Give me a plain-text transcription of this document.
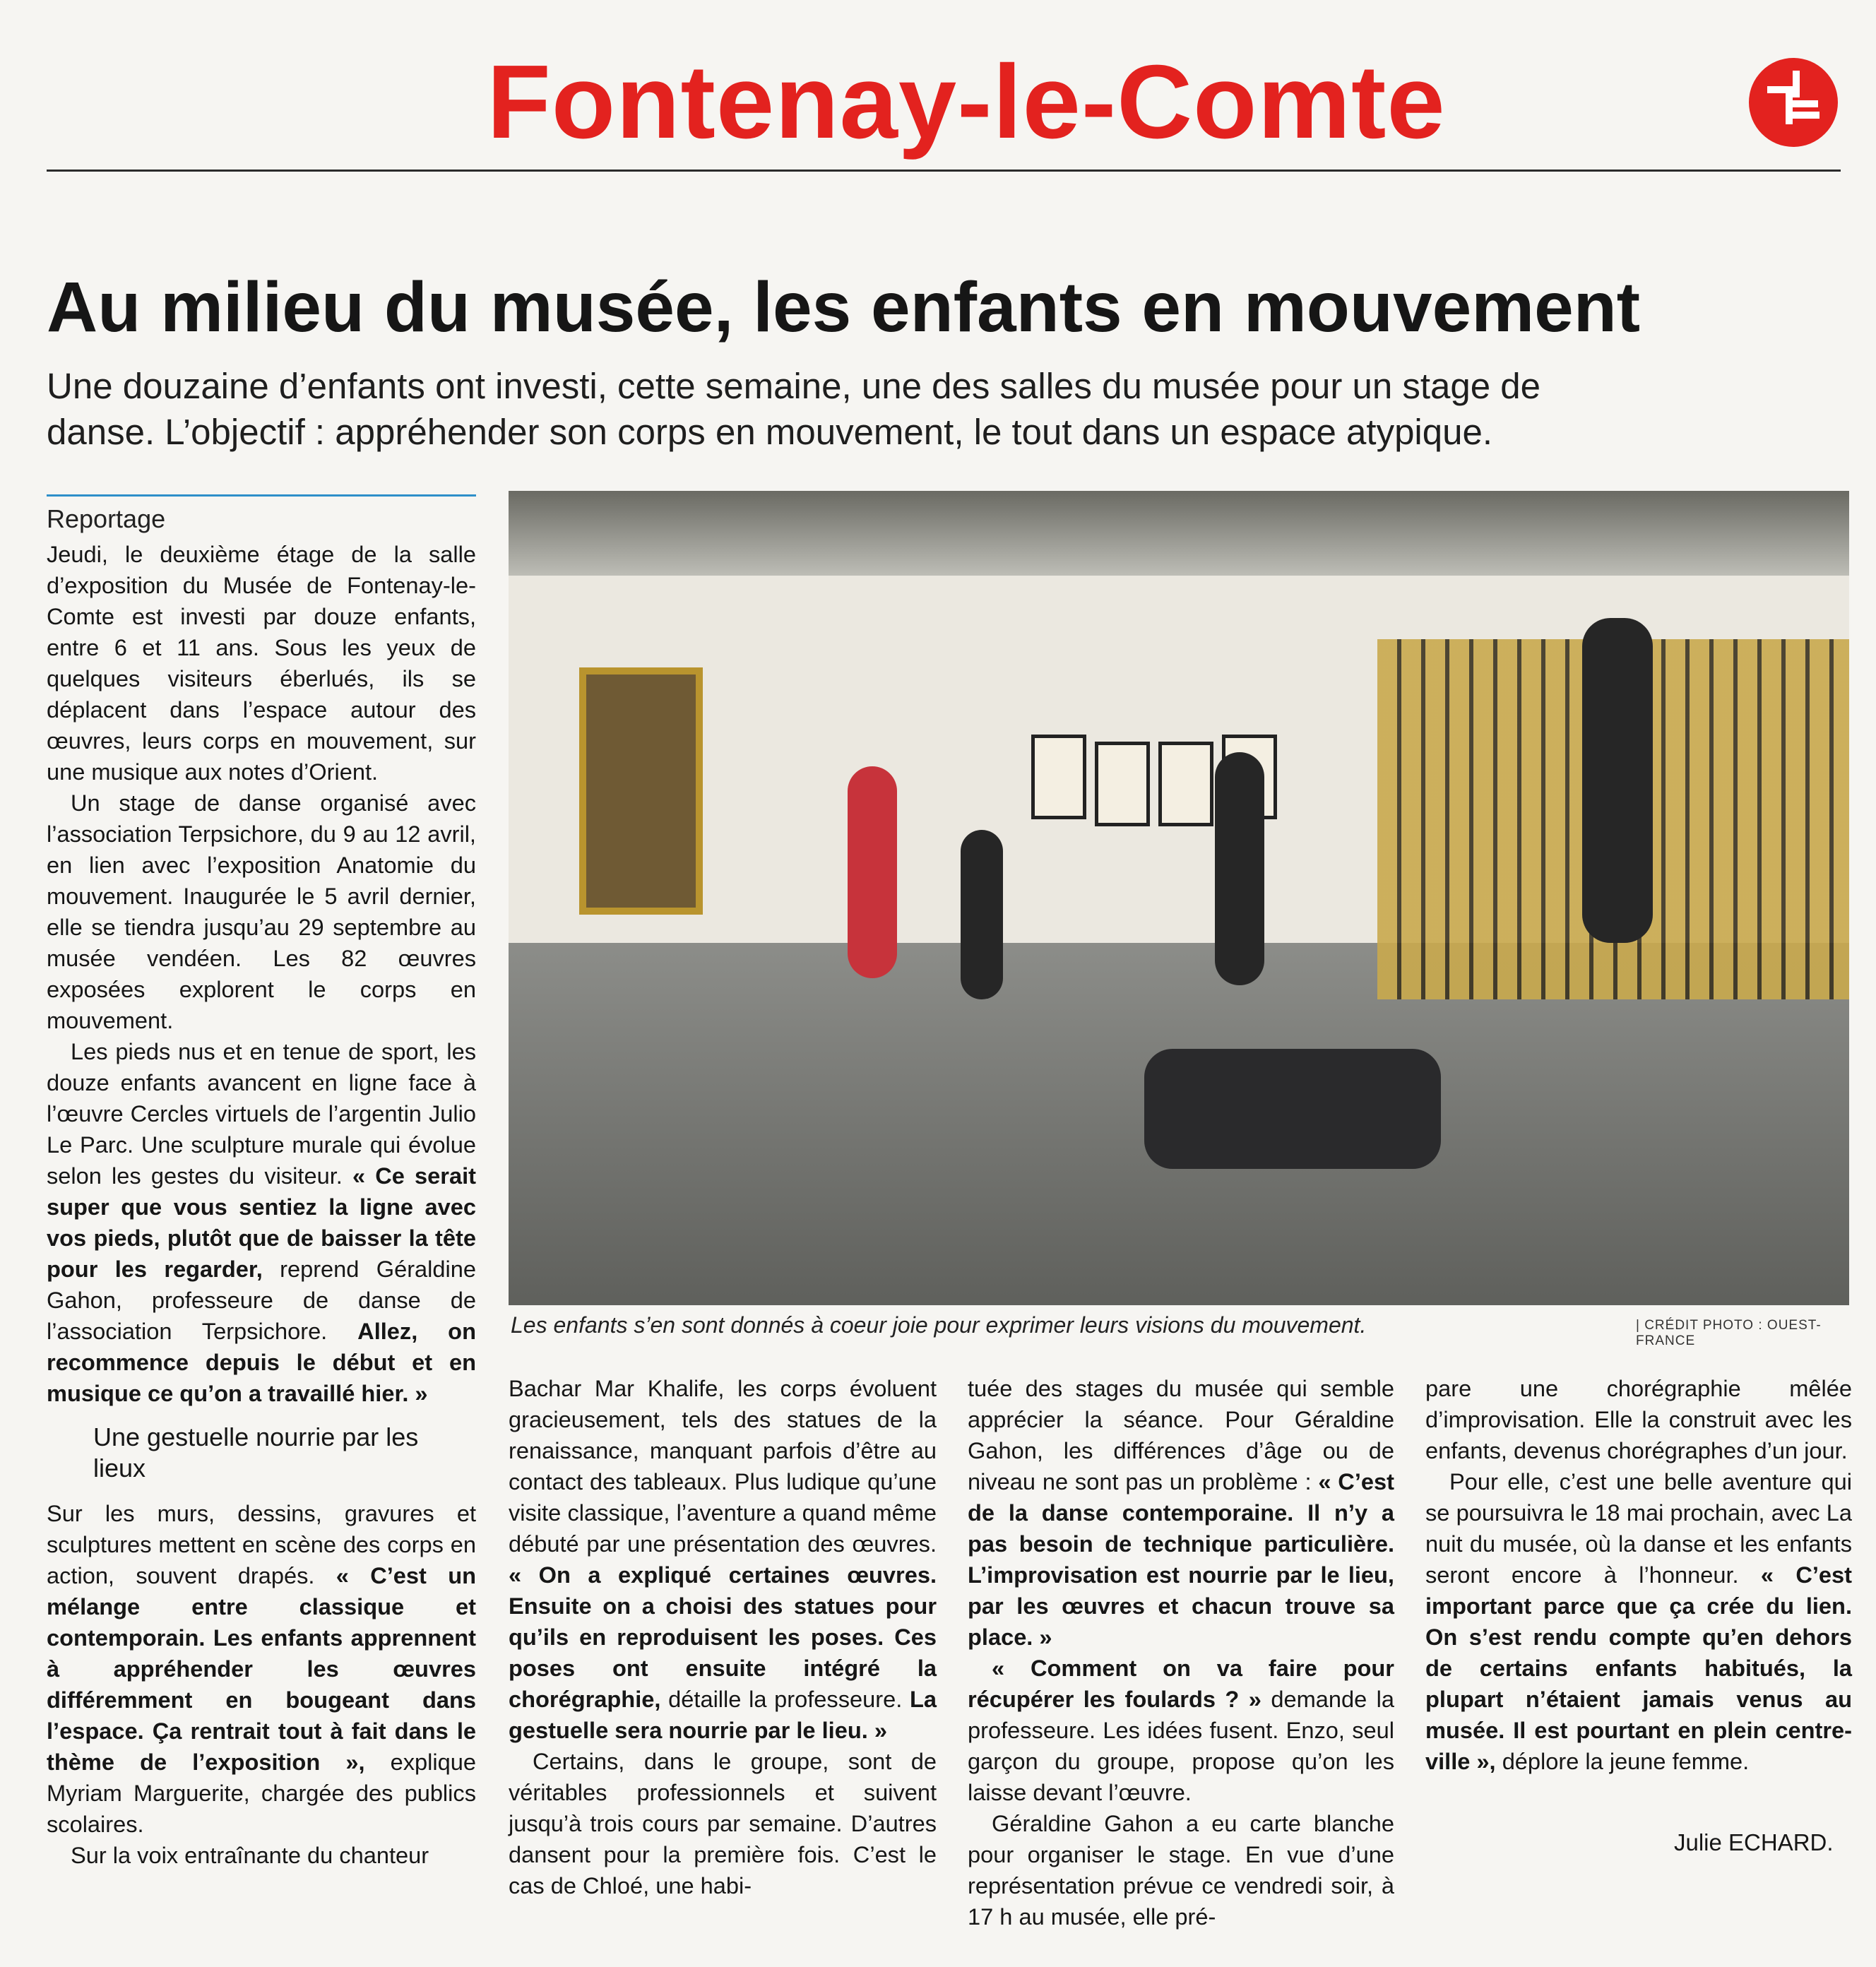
Fontenay-le-Comte
Au milieu du musée, les enfants en mouvement
Une douzaine d’enfants ont investi, cette semaine, une des salles du musée pour un stage de danse. L’objectif : appréhender son corps en mouvement, le tout dans un espace atypique.
Reportage

Jeudi, le deuxième étage de la salle d’exposition du Musée de Fontenay-le-Comte est investi par douze enfants, entre 6 et 11 ans. Sous les yeux de quelques visiteurs éberlués, ils se déplacent dans l’espace autour des œuvres, leurs corps en mouvement, sur une musique aux notes d’Orient.

Un stage de danse organisé avec l’association Terpsichore, du 9 au 12 avril, en lien avec l’exposition Anatomie du mouvement. Inaugurée le 5 avril dernier, elle se tiendra jusqu’au 29 septembre au musée vendéen. Les 82 œuvres exposées explorent le corps en mouvement.

Les pieds nus et en tenue de sport, les douze enfants avancent en ligne face à l’œuvre Cercles virtuels de l’argentin Julio Le Parc. Une sculpture murale qui évolue selon les gestes du visiteur. « Ce serait super que vous sentiez la ligne avec vos pieds, plutôt que de baisser la tête pour les regarder, reprend Géraldine Gahon, professeure de danse de l’association Terpsichore. Allez, on recommence depuis le début et en musique ce qu’on a travaillé hier. »

Une gestuelle nourrie par les lieux

Sur les murs, dessins, gravures et sculptures mettent en scène des corps en action, souvent drapés. « C’est un mélange entre classique et contemporain. Les enfants apprennent à appréhender les œuvres différemment en bougeant dans l’espace. Ça rentrait tout à fait dans le thème de l’exposition », explique Myriam Marguerite, chargée des publics scolaires.

Sur la voix entraînante du chanteur

Les enfants s’en sont donnés à coeur joie pour exprimer leurs visions du mouvement.	| CRÉDIT PHOTO : OUEST-FRANCE

Bachar Mar Khalife, les corps évoluent gracieusement, tels des statues de la renaissance, manquant parfois d’être au contact des tableaux. Plus ludique qu’une visite classique, l’aventure a quand même débuté par une présentation des œuvres. « On a expliqué certaines œuvres. Ensuite on a choisi des statues pour qu’ils en reproduisent les poses. Ces poses ont ensuite intégré la chorégraphie, détaille la professeure. La gestuelle sera nourrie par le lieu. »

Certains, dans le groupe, sont de véritables professionnels et suivent jusqu’à trois cours par semaine. D’autres dansent pour la première fois. C’est le cas de Chloé, une habi-

tuée des stages du musée qui semble apprécier la séance. Pour Géraldine Gahon, les différences d’âge ou de niveau ne sont pas un problème : « C’est de la danse contemporaine. Il n’y a pas besoin de technique particulière. L’improvisation est nourrie par le lieu, par les œuvres et chacun trouve sa place. »

« Comment on va faire pour récupérer les foulards ? » demande la professeure. Les idées fusent. Enzo, seul garçon du groupe, propose qu’on les laisse devant l’œuvre.

Géraldine Gahon a eu carte blanche pour organiser le stage. En vue d’une représentation prévue ce vendredi soir, à 17 h au musée, elle pré-

pare une chorégraphie mêlée d’improvisation. Elle la construit avec les enfants, devenus chorégraphes d’un jour.

Pour elle, c’est une belle aventure qui se poursuivra le 18 mai prochain, avec La nuit du musée, où la danse et les enfants seront encore à l’honneur. « C’est important parce que ça crée du lien. On s’est rendu compte qu’en dehors de certains enfants habitués, la plupart n’étaient jamais venus au musée. Il est pourtant en plein centre-ville », déplore la jeune femme.

Julie ECHARD.
